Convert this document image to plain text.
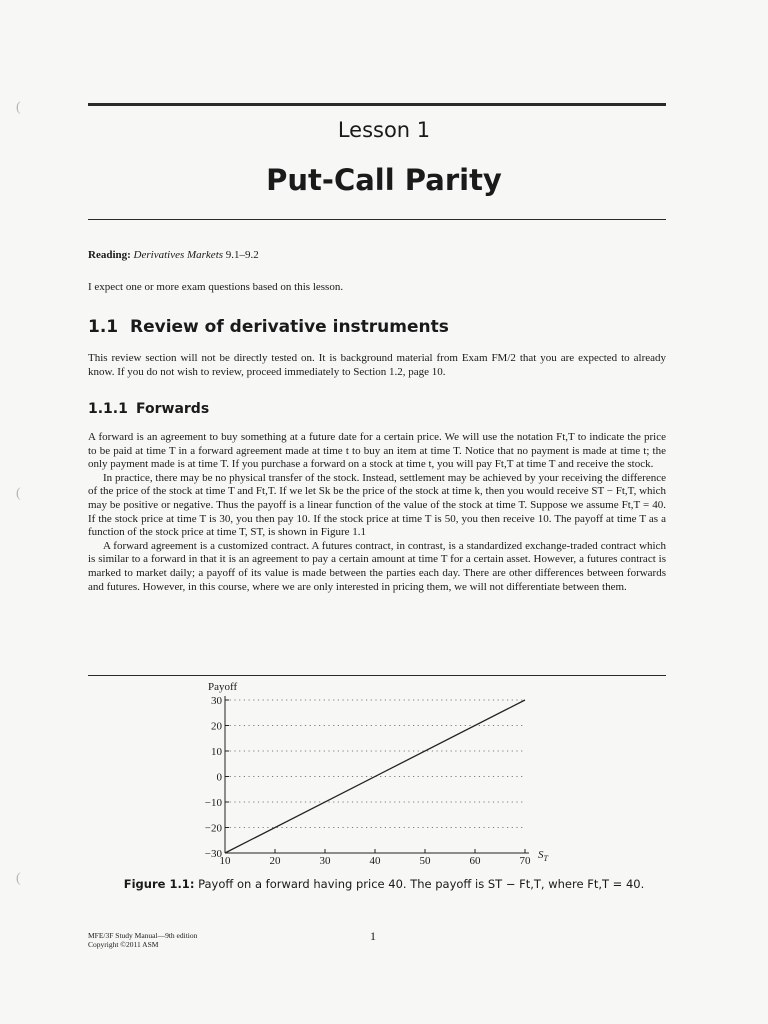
Lesson 1
Put-Call Parity

Reading: Derivatives Markets 9.1–9.2

I expect one or more exam questions based on this lesson.

1.1 Review of derivative instruments

This review section will not be directly tested on. It is background material from Exam FM/2 that you are expected to already know. If you do not wish to review, proceed immediately to Section 1.2, page 10.

1.1.1 Forwards
A forward is an agreement to buy something at a future date for a certain price. We will use the notation Ft,T to indicate the price to be paid at time T in a forward agreement made at time t to buy an item at time T. Notice that no payment is made at time t; the only payment made is at time T. If you purchase a forward on a stock at time t, you will pay Ft,T at time T and receive the stock.
In practice, there may be no physical transfer of the stock. Instead, settlement may be achieved by your receiving the difference of the price of the stock at time T and Ft,T. If we let Sk be the price of the stock at time k, then you would receive ST − Ft,T, which may be positive or negative. Thus the payoff is a linear function of the value of the stock at time T. Suppose we assume Ft,T = 40. If the stock price at time T is 30, you then pay 10. If the stock price at time T is 50, you then receive 10. The payoff at time T as a function of the stock price at time T, ST, is shown in Figure 1.1
A forward agreement is a customized contract. A futures contract, in contrast, is a standardized exchange-traded contract which is similar to a forward in that it is an agreement to pay a certain amount at time T for a certain asset. However, a futures contract is marked to market daily; a payoff of its value is made between the parties each day. There are other differences between forwards and futures. However, in this course, where we are only interested in pricing them, we will not differentiate between them.
30
20
10
0
−10
−20
−30
10	20	30	40	50	60	70
Payoff
$S_T$
Figure 1.1: Payoff on a forward having price 40. The payoff is ST − Ft,T, where Ft,T = 40.
MFE/3F Study Manual—9th edition
Copyright ©2011 ASM
1
(
(
(
